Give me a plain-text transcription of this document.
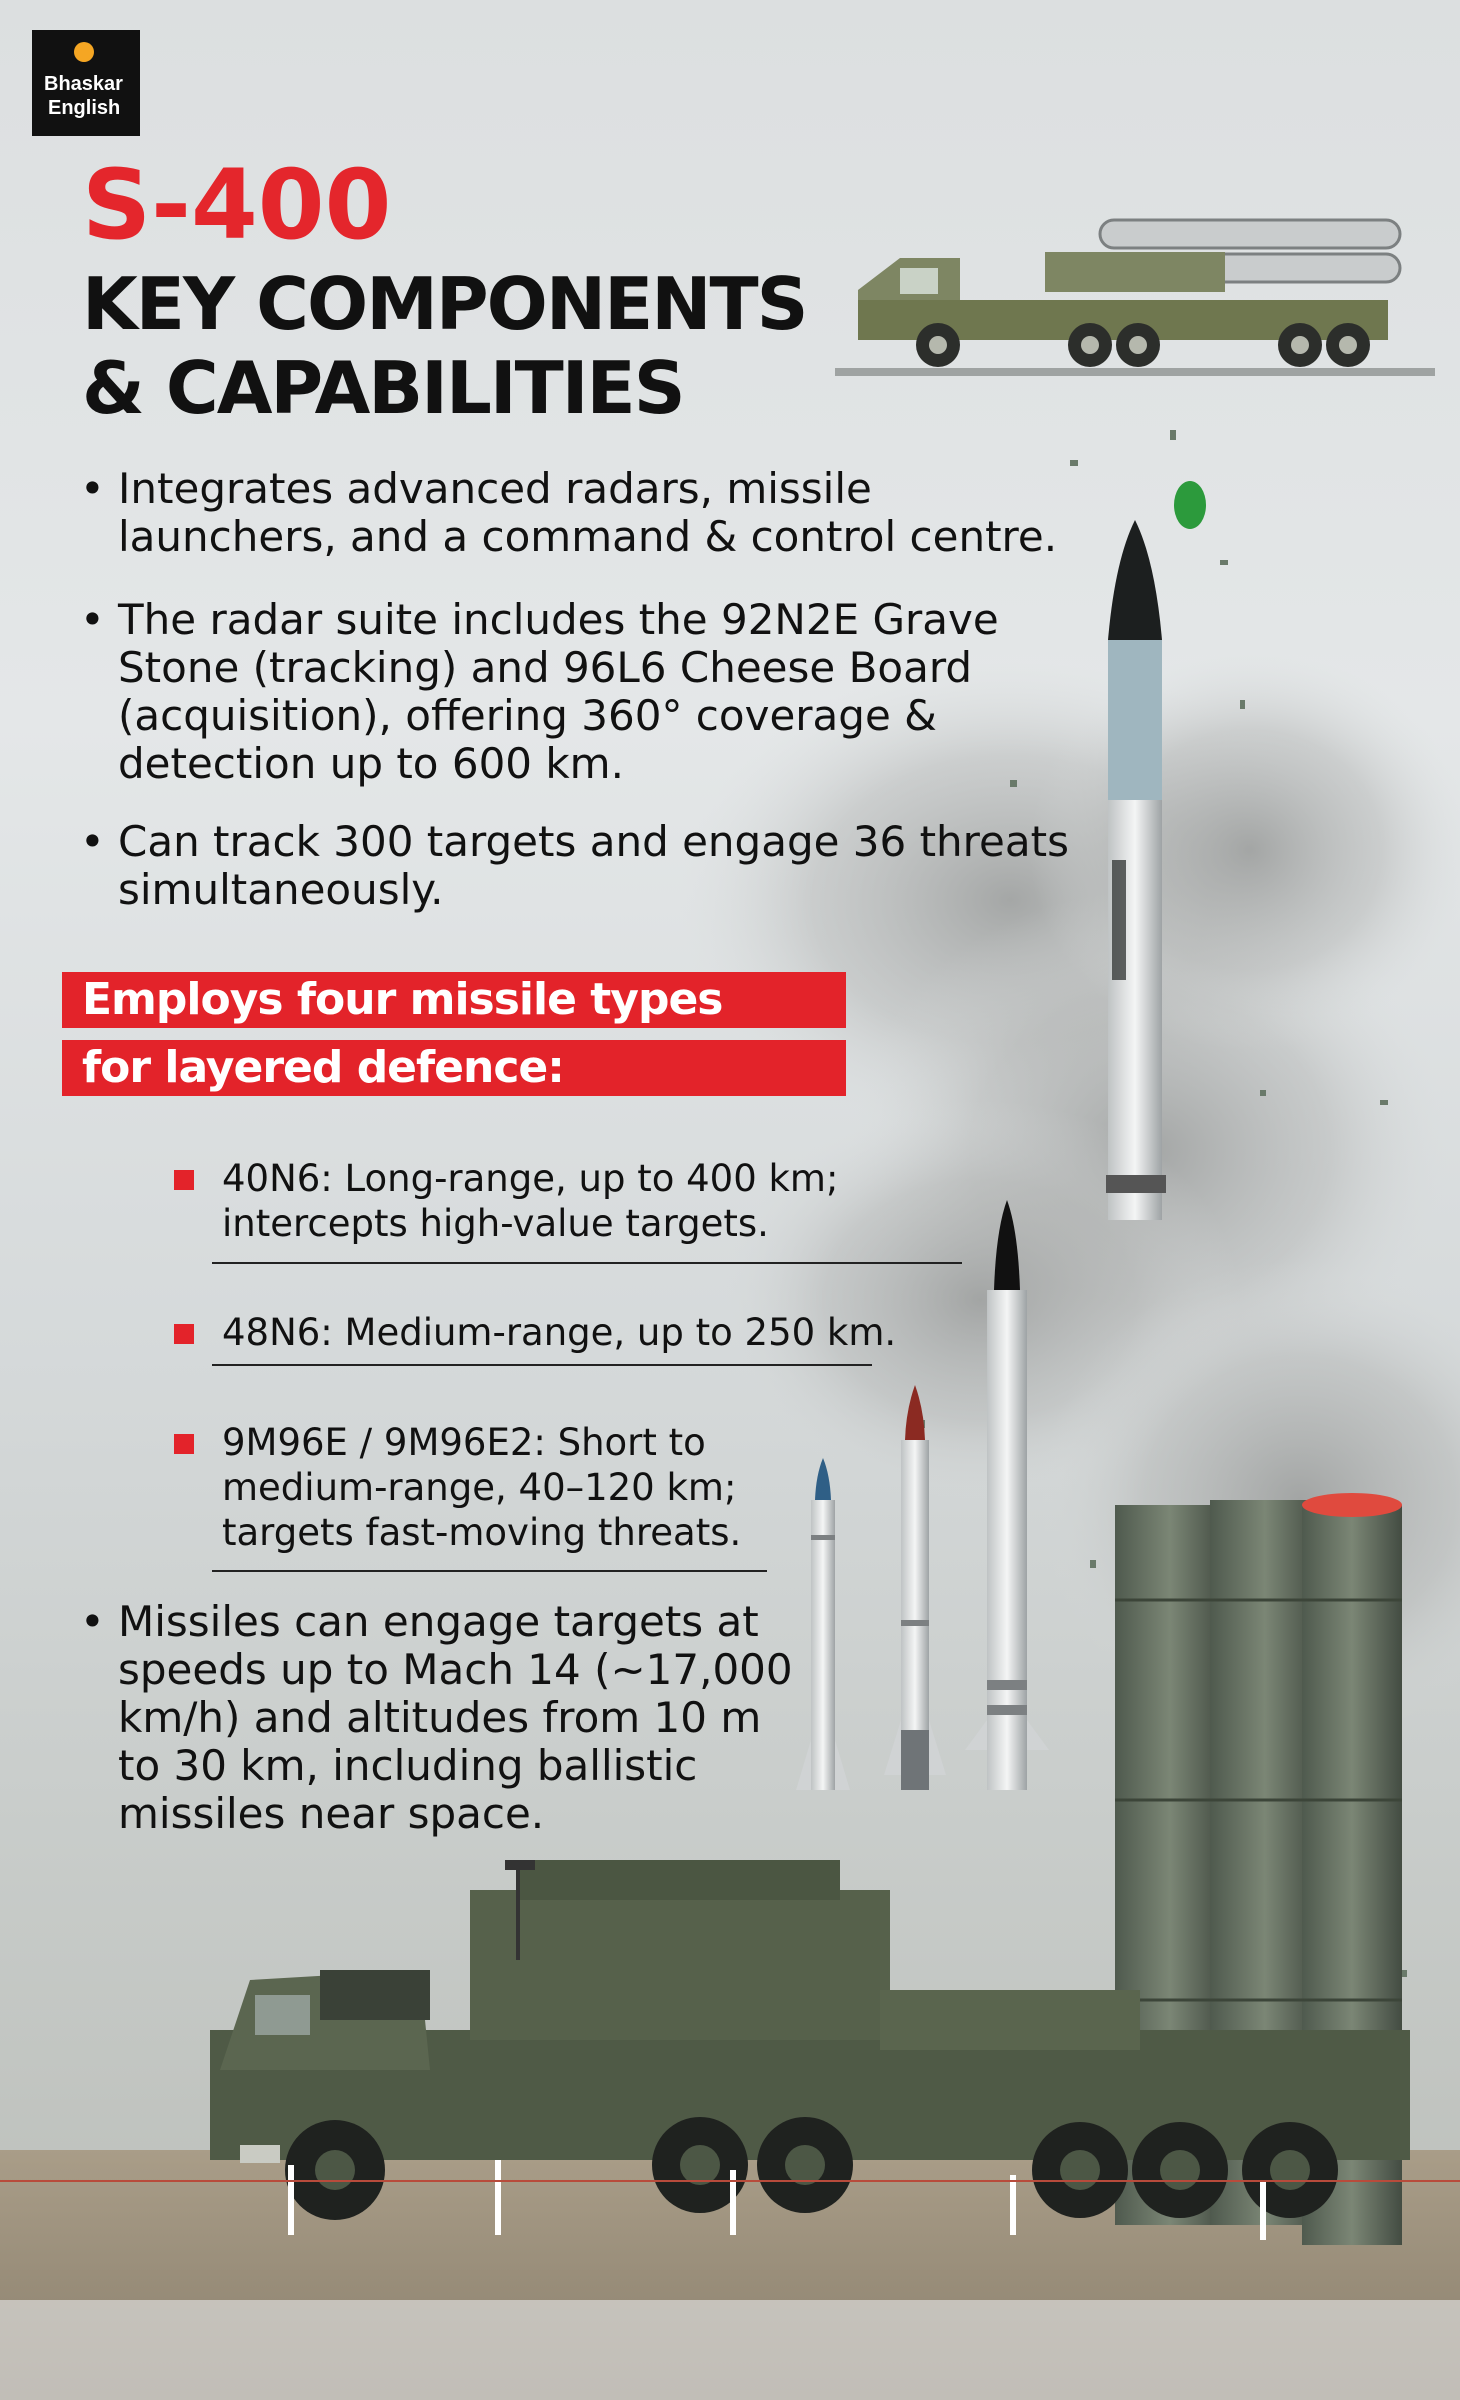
Bhaskar
English
S-400
KEY COMPONENTS
& CAPABILITIES
• Integrates advanced radars, missile
launchers, and a command & control centre.
• The radar suite includes the 92N2E Grave
Stone (tracking) and 96L6 Cheese Board
(acquisition), offering 360° coverage &
detection up to 600 km.
• Can track 300 targets and engage 36 threats
simultaneously.
Employs four missile types
for layered defence:
40N6: Long-range, up to 400 km;
intercepts high-value targets.
48N6: Medium-range, up to 250 km.
9M96E / 9M96E2: Short to
medium-range, 40–120 km;
targets fast-moving threats.
• Missiles can engage targets at
speeds up to Mach 14 (~17,000
km/h) and altitudes from 10 m
to 30 km, including ballistic
missiles near space.
